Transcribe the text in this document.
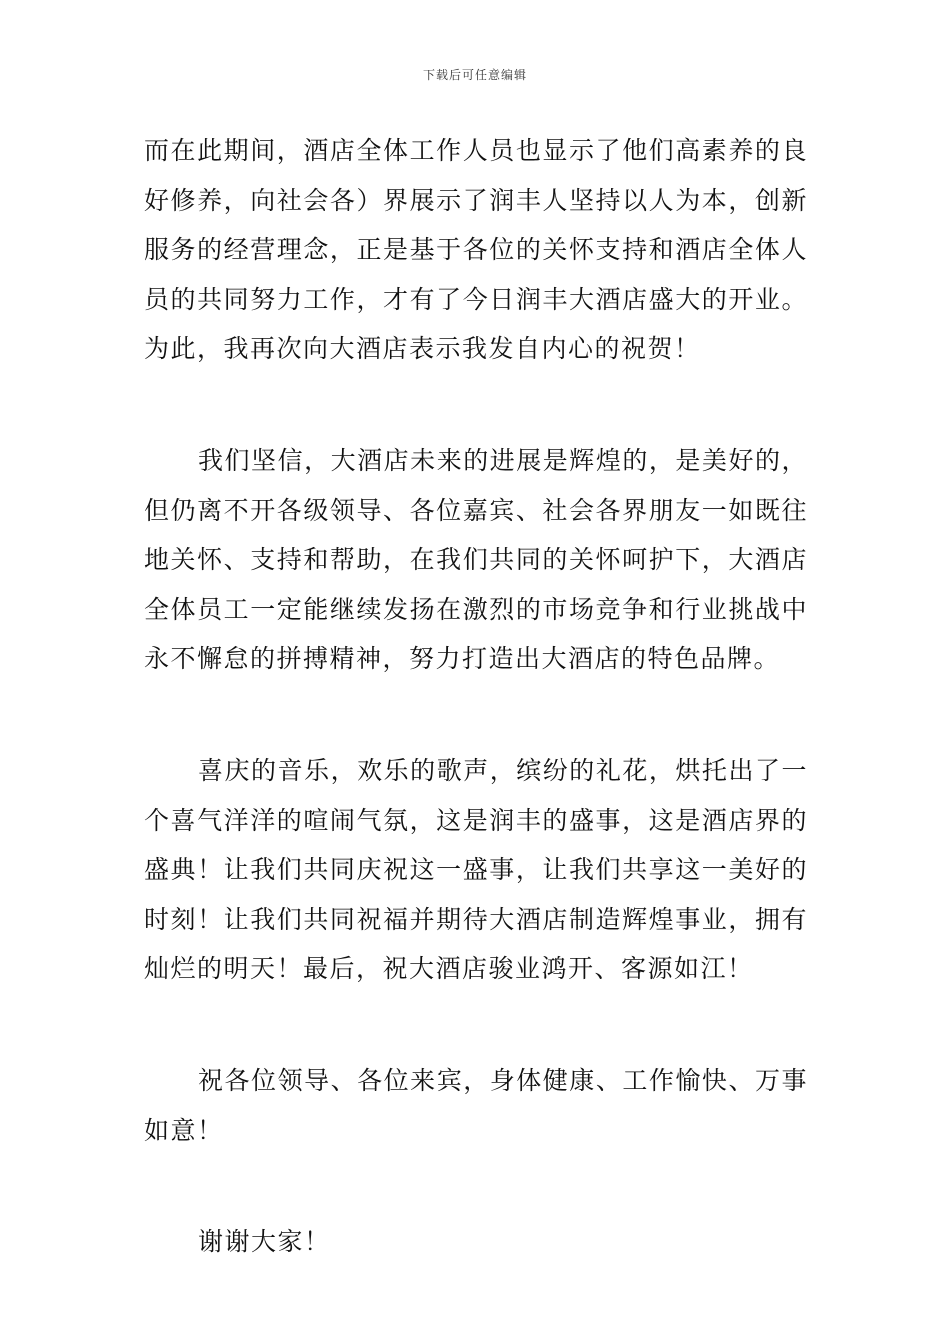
下载后可任意编辑

而在此期间，酒店全体工作人员也显示了他们高素养的良好修养，向社会各）界展示了润丰人坚持以人为本，创新服务的经营理念，正是基于各位的关怀支持和酒店全体人员的共同努力工作，才有了今日润丰大酒店盛大的开业。为此，我再次向大酒店表示我发自内心的祝贺！

我们坚信，大酒店未来的进展是辉煌的，是美好的，但仍离不开各级领导、各位嘉宾、社会各界朋友一如既往地关怀、支持和帮助，在我们共同的关怀呵护下，大酒店全体员工一定能继续发扬在激烈的市场竞争和行业挑战中永不懈怠的拼搏精神，努力打造出大酒店的特色品牌。

喜庆的音乐，欢乐的歌声，缤纷的礼花，烘托出了一个喜气洋洋的喧闹气氛，这是润丰的盛事，这是酒店界的盛典！让我们共同庆祝这一盛事，让我们共享这一美好的时刻！让我们共同祝福并期待大酒店制造辉煌事业，拥有灿烂的明天！最后，祝大酒店骏业鸿开、客源如江！

祝各位领导、各位来宾，身体健康、工作愉快、万事如意！

谢谢大家！
